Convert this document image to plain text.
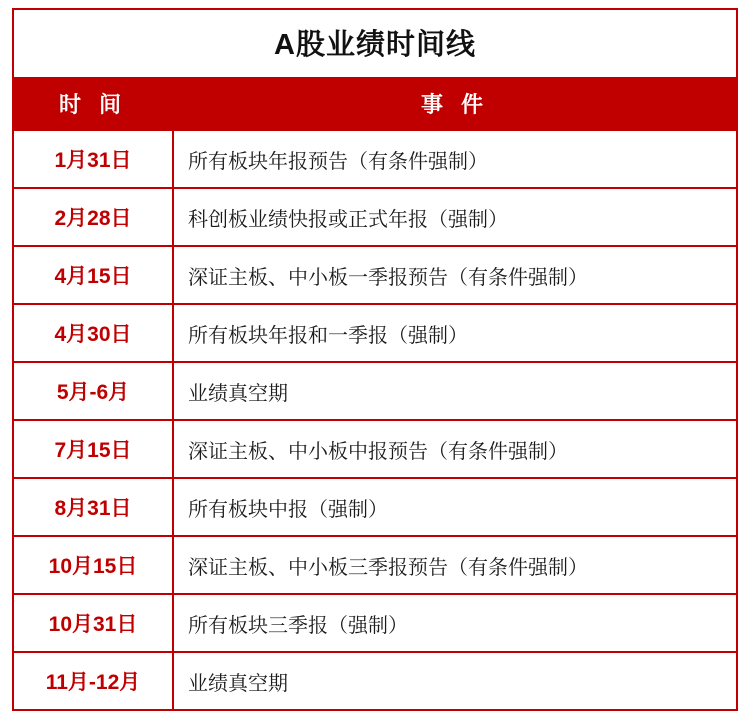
A股业绩时间线	
时 间	事 件
1月31日	所有板块年报预告（有条件强制）
2月28日	科创板业绩快报或正式年报（强制）
4月15日	深证主板、中小板一季报预告（有条件强制）
4月30日	所有板块年报和一季报（强制）
5月-6月	业绩真空期
7月15日	深证主板、中小板中报预告（有条件强制）
8月31日	所有板块中报（强制）
10月15日	深证主板、中小板三季报预告（有条件强制）
10月31日	所有板块三季报（强制）
11月-12月	业绩真空期
